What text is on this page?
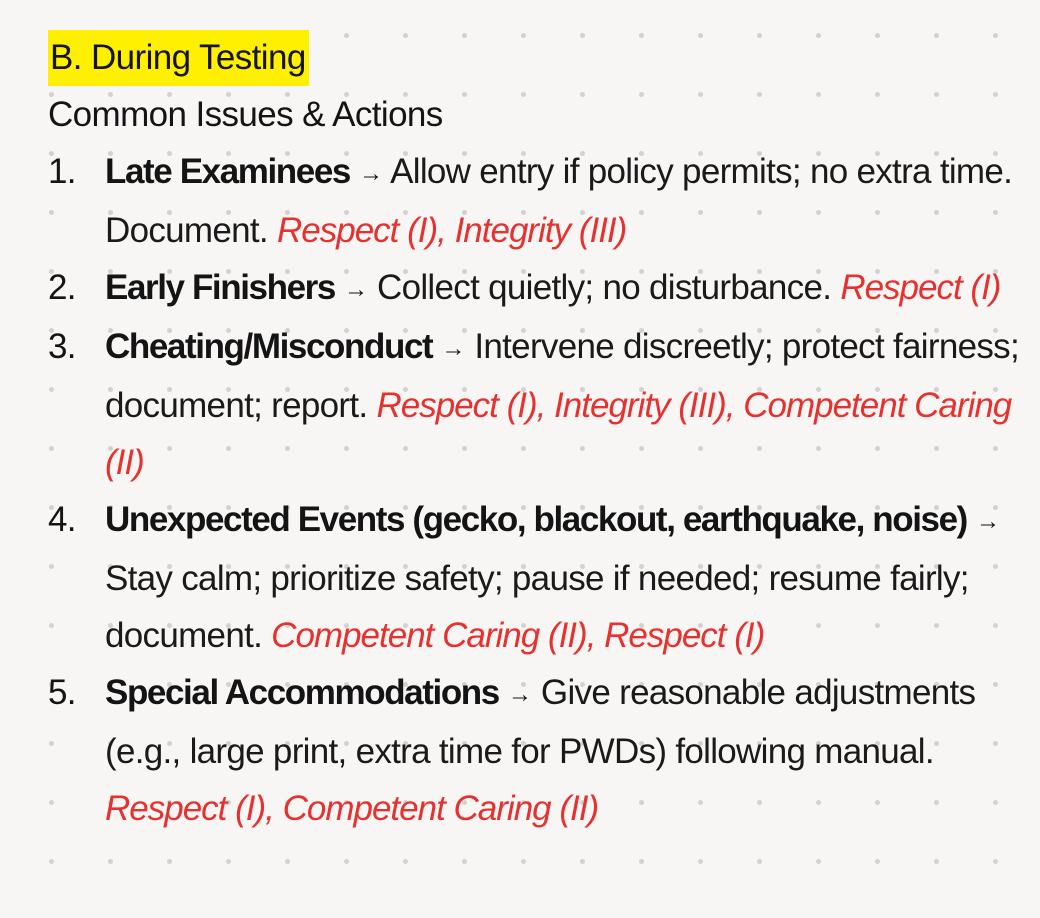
B. During Testing
Common Issues & Actions
1. Late Examinees → Allow entry if policy permits; no extra time. Document. Respect (I), Integrity (III)
2. Early Finishers → Collect quietly; no disturbance. Respect (I)
3. Cheating/Misconduct → Intervene discreetly; protect fairness; document; report. Respect (I), Integrity (III), Competent Caring (II)
4. Unexpected Events (gecko, blackout, earthquake, noise) → Stay calm; prioritize safety; pause if needed; resume fairly; document. Competent Caring (II), Respect (I)
5. Special Accommodations → Give reasonable adjustments (e.g., large print, extra time for PWDs) following manual. Respect (I), Competent Caring (II)
